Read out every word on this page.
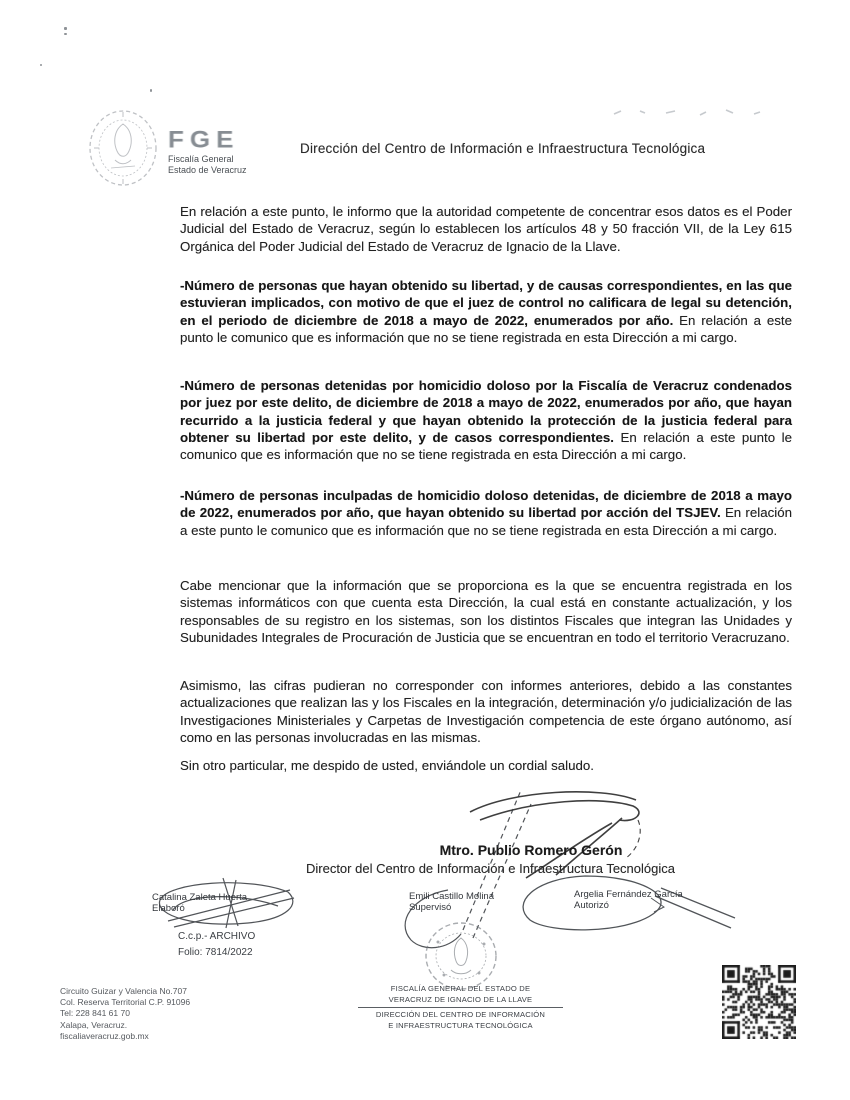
FGE
Fiscalía General
Estado de Veracruz
Dirección del Centro de Información e Infraestructura Tecnológica
En relación a este punto, le informo que la autoridad competente de concentrar esos datos es el Poder Judicial del Estado de Veracruz, según lo establecen los artículos 48 y 50 fracción VII, de la Ley 615 Orgánica del Poder Judicial del Estado de Veracruz de Ignacio de la Llave.
-Número de personas que hayan obtenido su libertad, y de causas correspondientes, en las que estuvieran implicados, con motivo de que el juez de control no calificara de legal su detención, en el periodo de diciembre de 2018 a mayo de 2022, enumerados por año. En relación a este punto le comunico que es información que no se tiene registrada en esta Dirección a mi cargo.
-Número de personas detenidas por homicidio doloso por la Fiscalía de Veracruz condenados por juez por este delito, de diciembre de 2018 a mayo de 2022, enumerados por año, que hayan recurrido a la justicia federal y que hayan obtenido la protección de la justicia federal para obtener su libertad por este delito, y de casos correspondientes. En relación a este punto le comunico que es información que no se tiene registrada en esta Dirección a mi cargo.
-Número de personas inculpadas de homicidio doloso detenidas, de diciembre de 2018 a mayo de 2022, enumerados por año, que hayan obtenido su libertad por acción del TSJEV. En relación a este punto le comunico que es información que no se tiene registrada en esta Dirección a mi cargo.
Cabe mencionar que la información que se proporciona es la que se encuentra registrada en los sistemas informáticos con que cuenta esta Dirección, la cual está en constante actualización, y los responsables de su registro en los sistemas, son los distintos Fiscales que integran las Unidades y Subunidades Integrales de Procuración de Justicia que se encuentran en todo el territorio Veracruzano.
Asimismo, las cifras pudieran no corresponder con informes anteriores, debido a las constantes actualizaciones que realizan las y los Fiscales en la integración, determinación y/o judicialización de las Investigaciones Ministeriales y Carpetas de Investigación competencia de este órgano autónomo, así como en las personas involucradas en las mismas.
Sin otro particular, me despido de usted, enviándole un cordial saludo.
Mtro. Publio Romero Gerón
Director del Centro de Información e Infraestructura Tecnológica
Catalina Zaleta Huerta
Elaboró
C.c.p.- ARCHIVO
Folio: 7814/2022
Emili Castillo Molina
Supervisó
Argelia Fernández García
Autorizó
FISCALÍA GENERAL DEL ESTADO DE
VERACRUZ DE IGNACIO DE LA LLAVE
DIRECCIÓN DEL CENTRO DE INFORMACIÓN
E INFRAESTRUCTURA TECNOLÓGICA
Circuito Guizar y Valencia No.707
Col. Reserva Territorial C.P. 91096
Tel: 228 841 61 70
Xalapa, Veracruz.
fiscaliaveracruz.gob.mx
